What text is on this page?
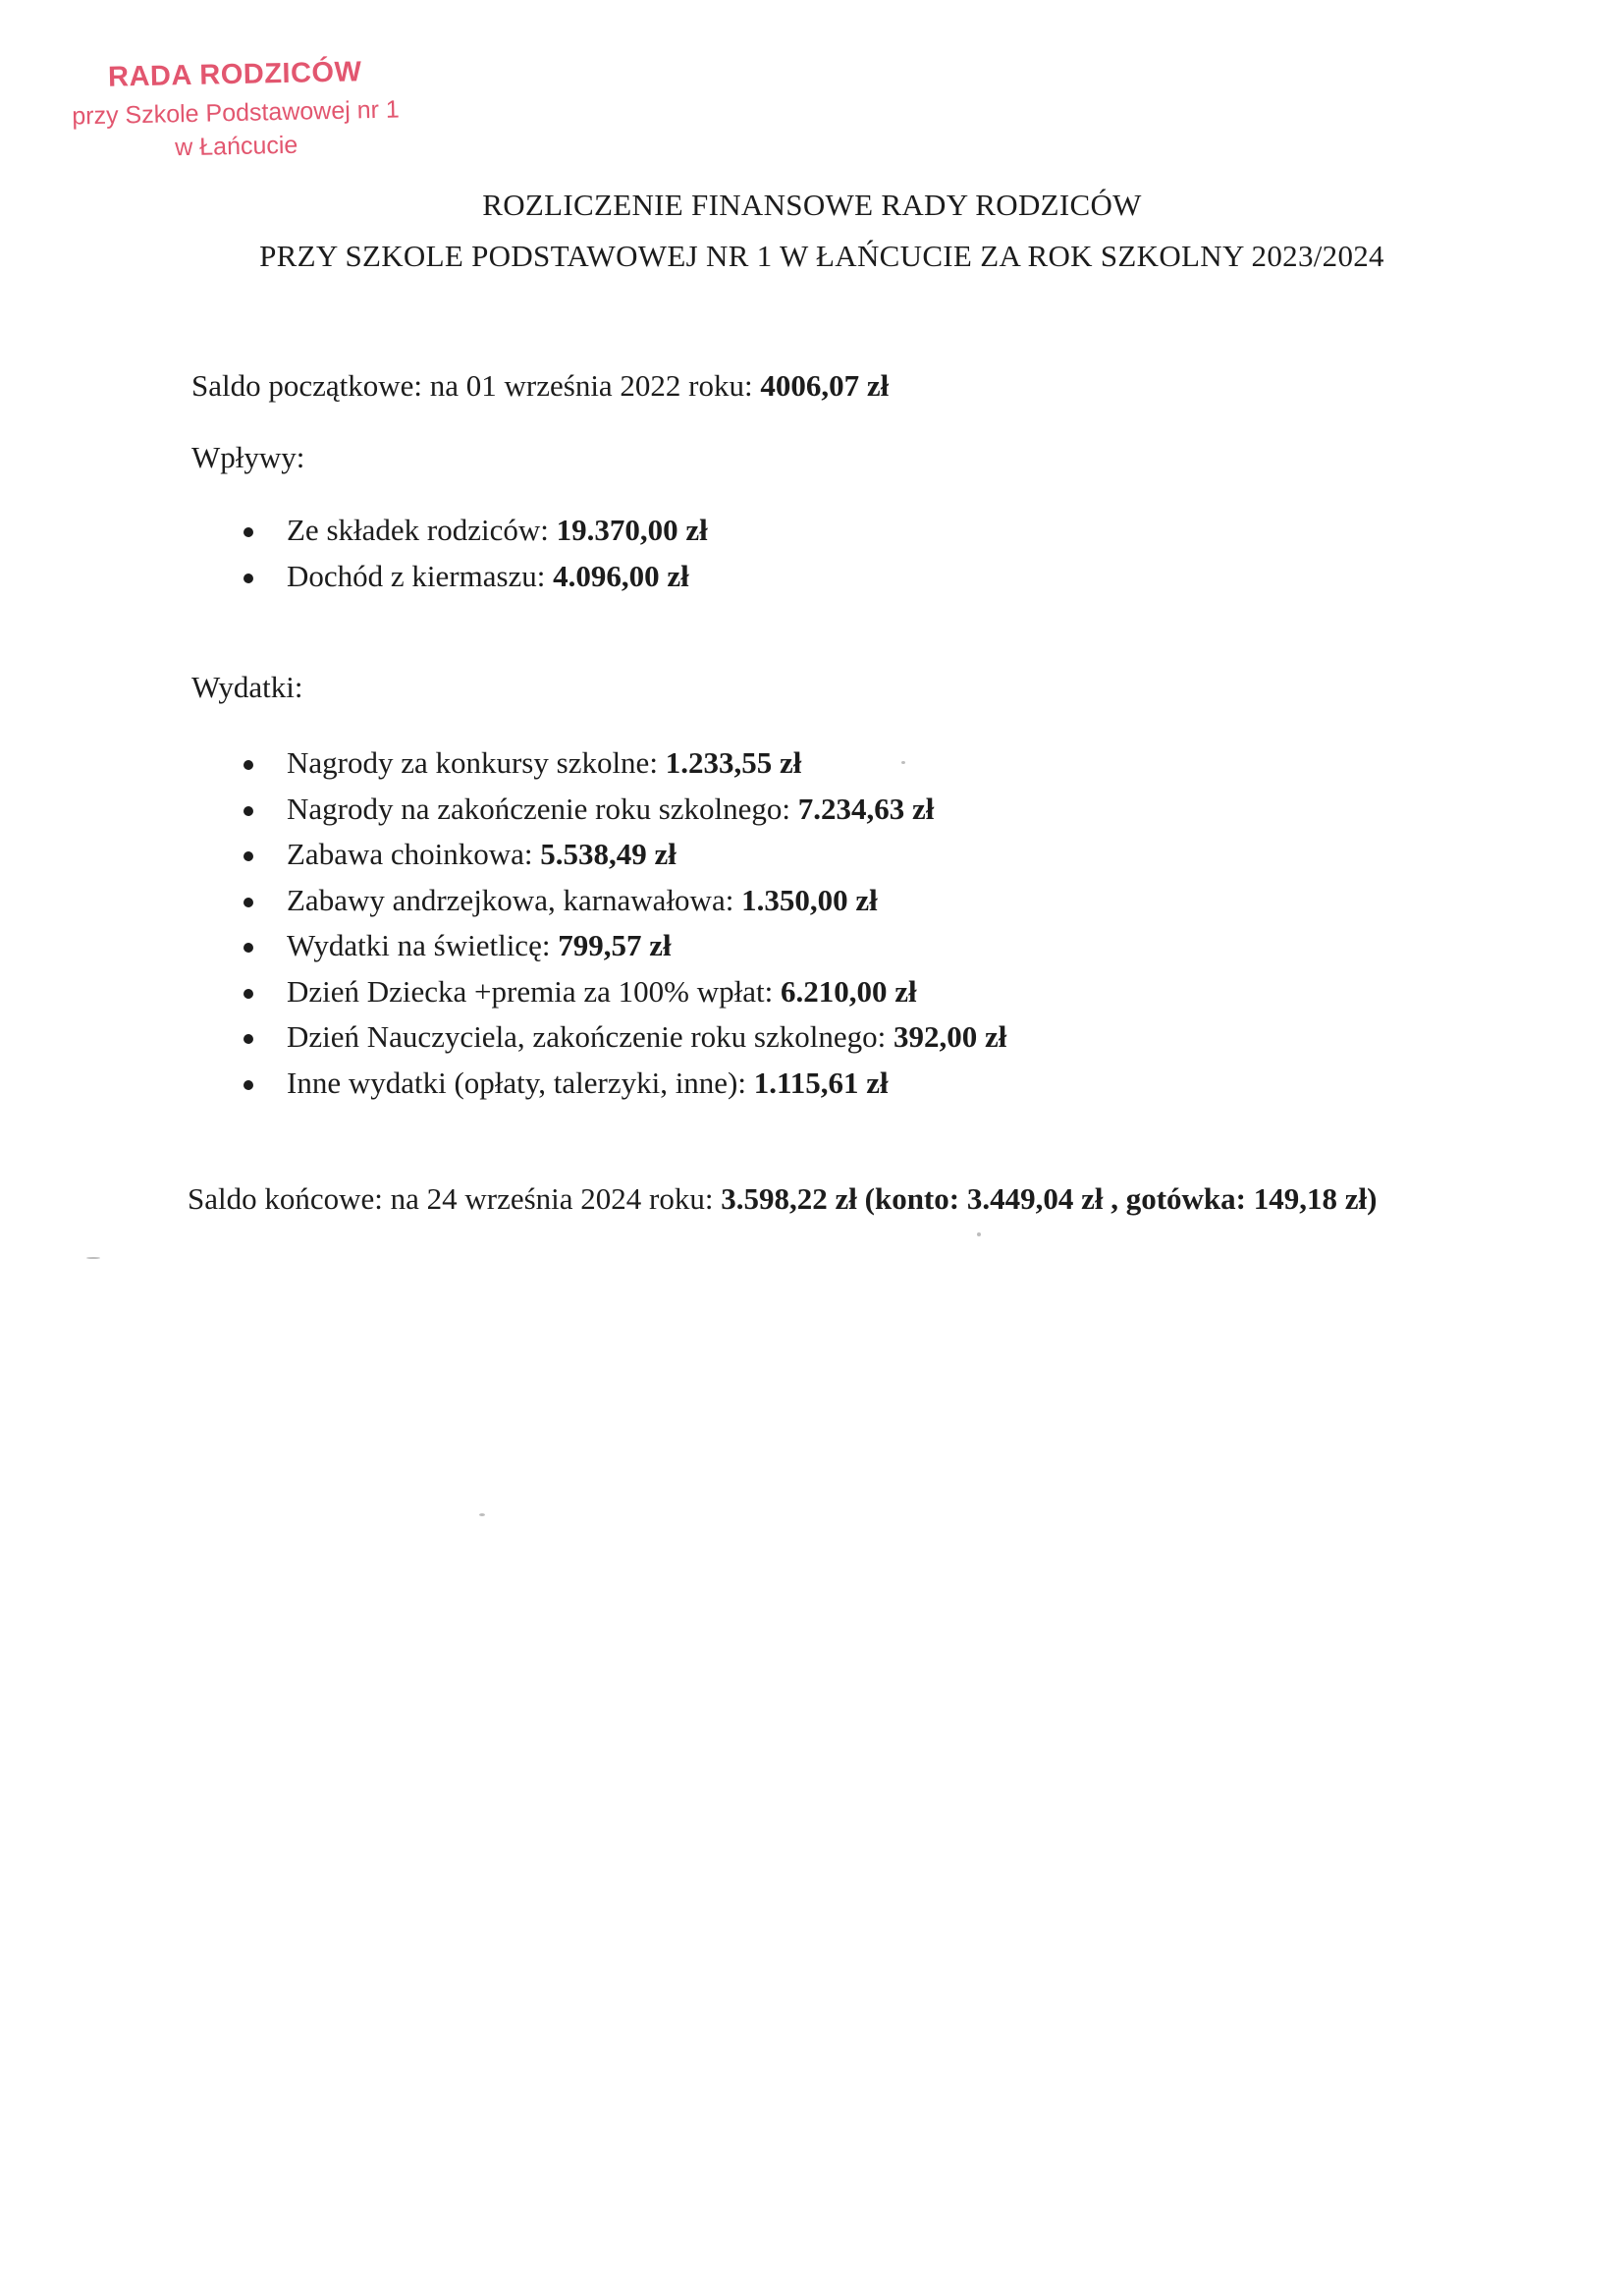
RADA RODZICÓW
przy Szkole Podstawowej nr 1
w Łańcucie
ROZLICZENIE FINANSOWE RADY RODZICÓW
PRZY SZKOLE PODSTAWOWEJ NR 1 W ŁAŃCUCIE ZA ROK SZKOLNY 2023/2024
Saldo początkowe: na 01 września 2022 roku: 4006,07 zł
Wpływy:
Ze składek rodziców: 19.370,00 zł
Dochód z kiermaszu: 4.096,00 zł
Wydatki:
Nagrody za konkursy szkolne: 1.233,55 zł
Nagrody na zakończenie roku szkolnego: 7.234,63 zł
Zabawa choinkowa: 5.538,49 zł
Zabawy andrzejkowa, karnawałowa: 1.350,00 zł
Wydatki na świetlicę: 799,57 zł
Dzień Dziecka +premia za 100% wpłat: 6.210,00 zł
Dzień Nauczyciela, zakończenie roku szkolnego: 392,00 zł
Inne wydatki (opłaty, talerzyki, inne): 1.115,61 zł
Saldo końcowe: na 24 września 2024 roku: 3.598,22 zł (konto: 3.449,04 zł , gotówka: 149,18 zł)
